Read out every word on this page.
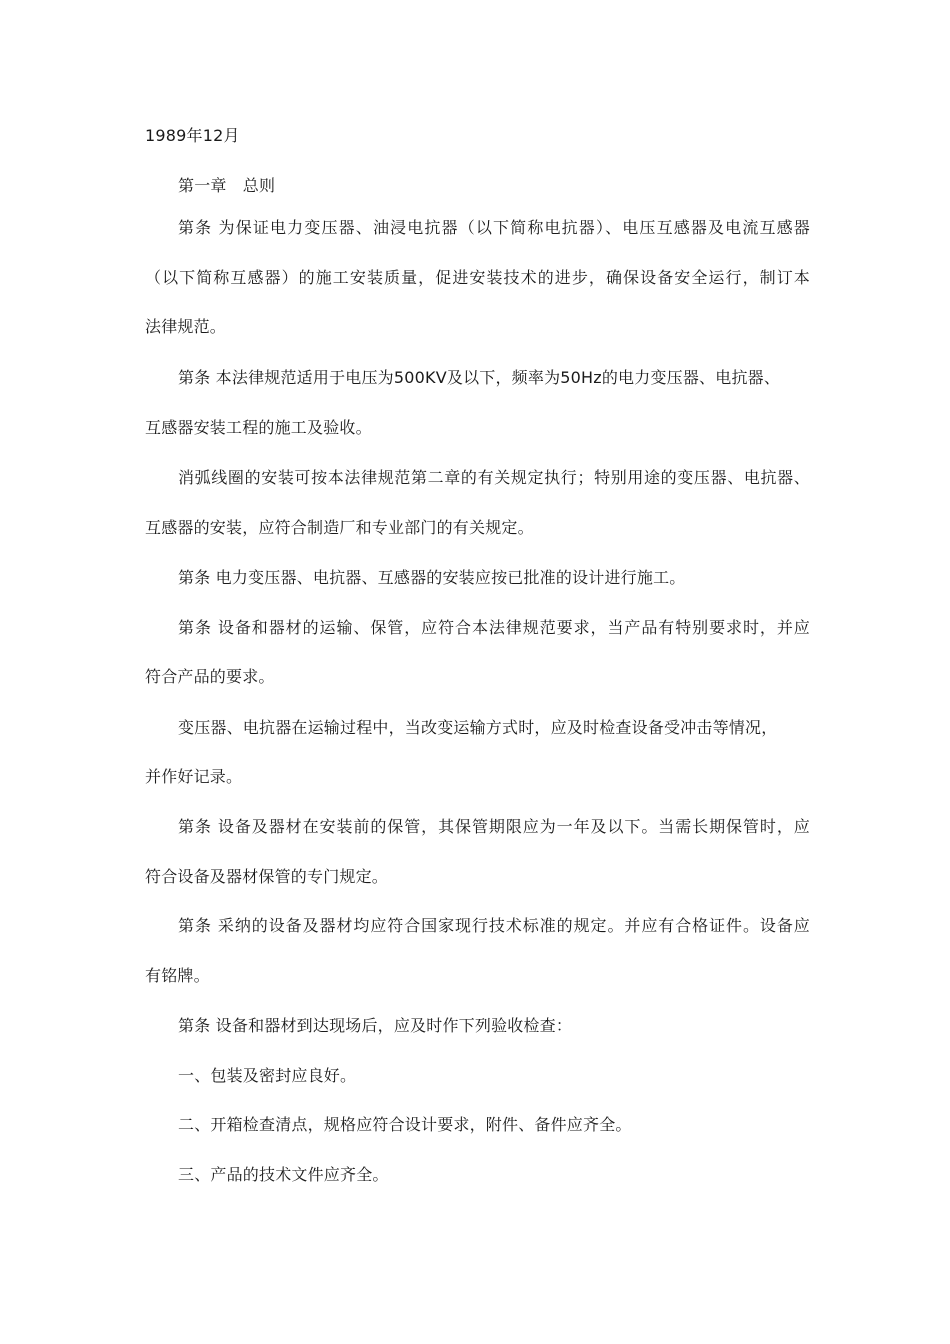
1989年12月
第一章　总则
第条 为保证电力变压器、油浸电抗器（以下简称电抗器）、电压互感器及电流互感器
（以下简称互感器）的施工安装质量，促进安装技术的进步，确保设备安全运行，制订本
法律规范。
第条 本法律规范适用于电压为500KV及以下，频率为50Hz的电力变压器、电抗器、
互感器安装工程的施工及验收。
消弧线圈的安装可按本法律规范第二章的有关规定执行；特别用途的变压器、电抗器、
互感器的安装，应符合制造厂和专业部门的有关规定。
第条 电力变压器、电抗器、互感器的安装应按已批准的设计进行施工。
第条 设备和器材的运输、保管，应符合本法律规范要求，当产品有特别要求时，并应
符合产品的要求。
变压器、电抗器在运输过程中，当改变运输方式时，应及时检查设备受冲击等情况，
并作好记录。
第条 设备及器材在安装前的保管，其保管期限应为一年及以下。当需长期保管时，应
符合设备及器材保管的专门规定。
第条 采纳的设备及器材均应符合国家现行技术标准的规定。并应有合格证件。设备应
有铭牌。
第条 设备和器材到达现场后，应及时作下列验收检查：
一、包装及密封应良好。
二、开箱检查清点，规格应符合设计要求，附件、备件应齐全。
三、产品的技术文件应齐全。
